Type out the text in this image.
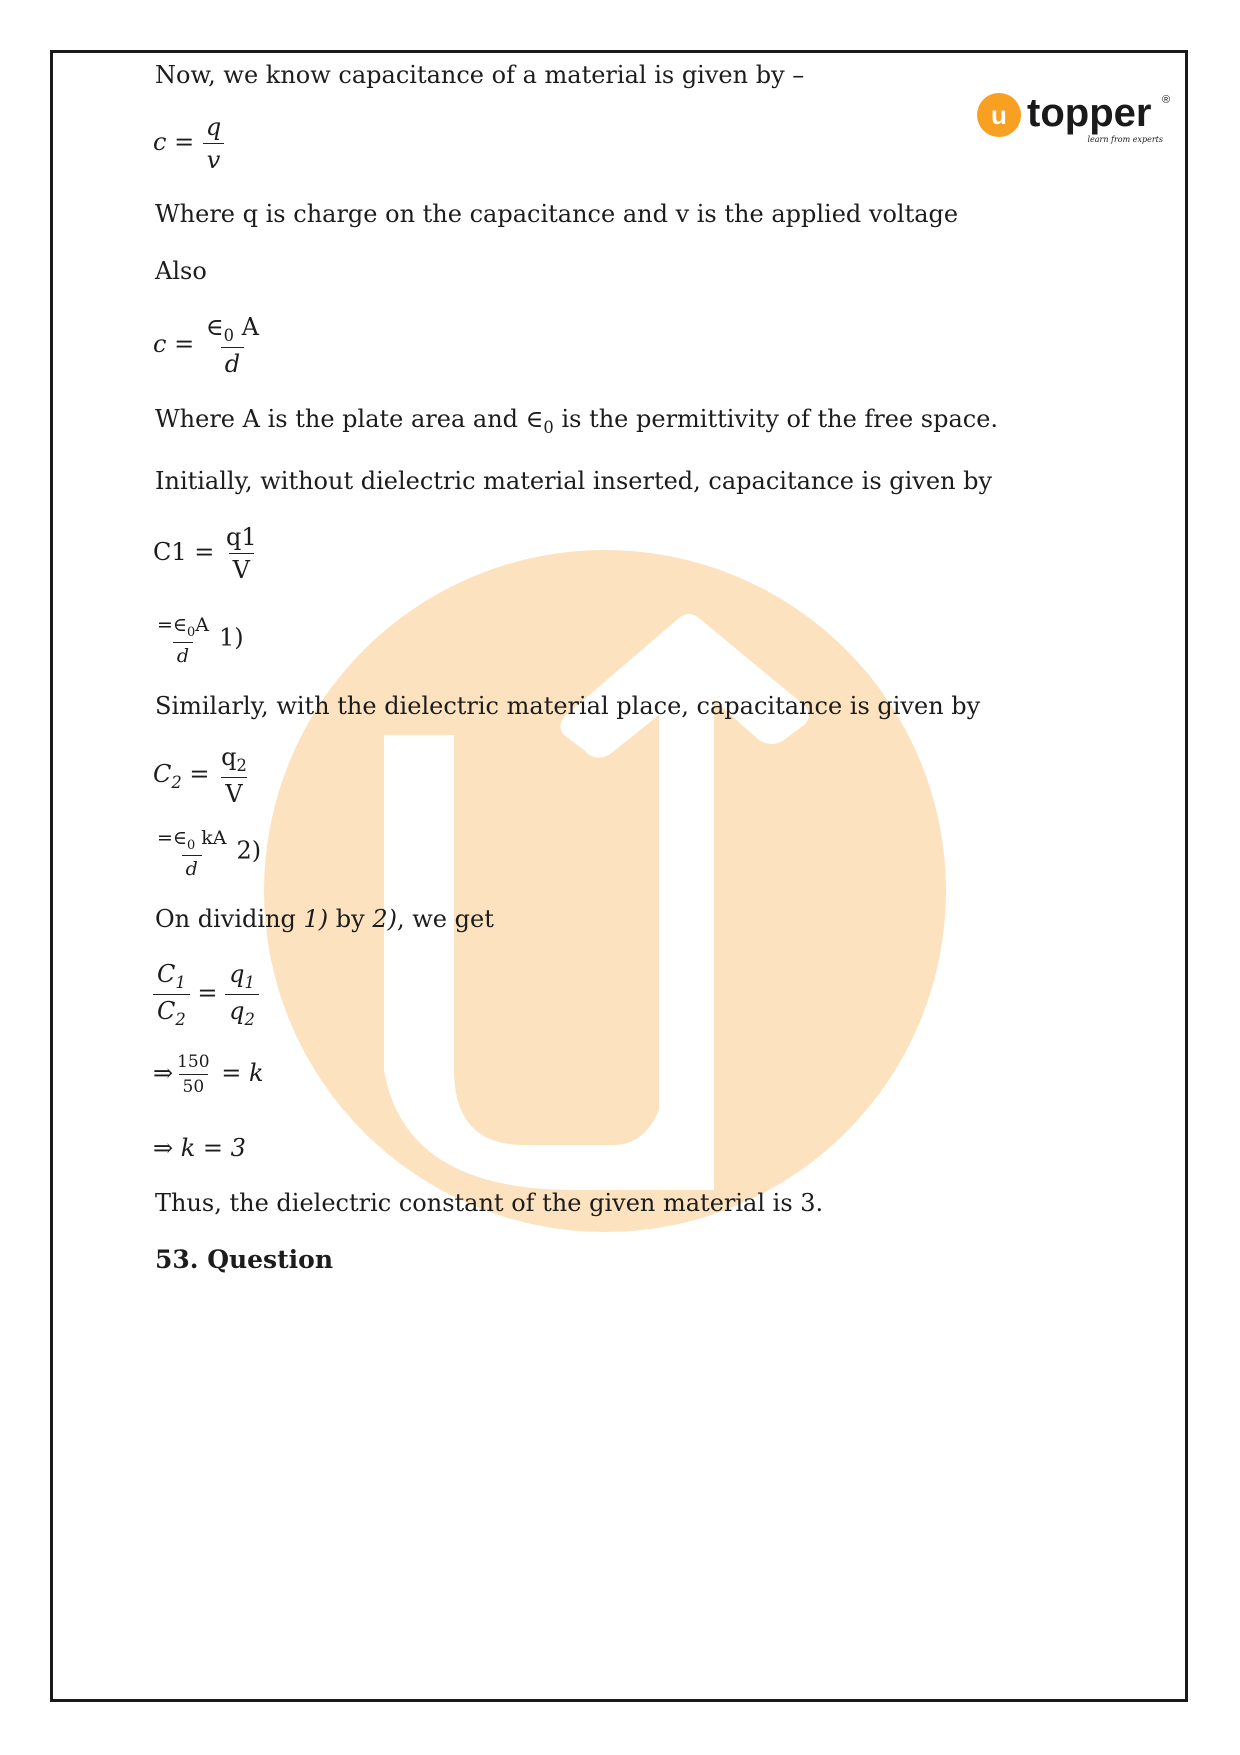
u topper ®
learn from experts
Now, we know capacitance of a material is given by –
$c = \frac{q}{v}$
Where q is charge on the capacitance and v is the applied voltage
Also
$c = \frac{\in_0 A}{d}$
Where A is the plate area and $\in_0$ is the permittivity of the free space.
Initially, without dielectric material inserted, capacitance is given by
$C1 = \frac{q1}{V}$
$\frac{=\in_0A}{d} 1$)
Similarly, with the dielectric material place, capacitance is given by
$C_2 = \frac{q_2}{V}$
$\frac{=\in_0 kA}{d} 2$)
On dividing 1) by 2), we get
$\frac{C_1}{C_2} = \frac{q_1}{q_2}$
⇒ $\frac{150}{50} = k$
⇒ k = 3
Thus, the dielectric constant of the given material is 3.
53. Question
